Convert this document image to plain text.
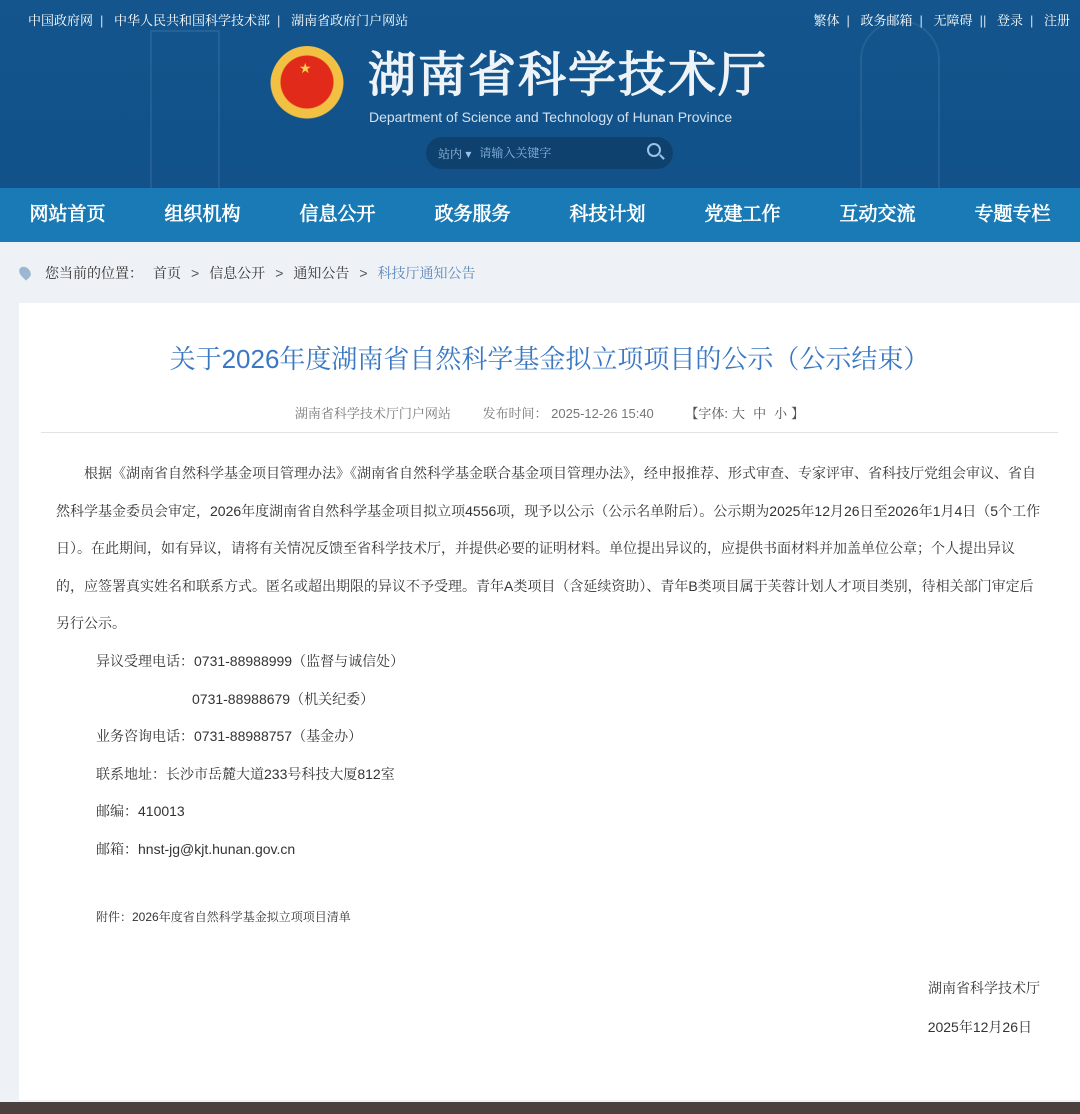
中国政府网 | 中华人民共和国科学技术部 | 湖南省政府门户网站	繁体 | 政务邮箱 | 无障碍 || 登录 | 注册
★ 湖南省科学技术厅
Department of Science and Technology of Hunan Province
站内 ▾
请输入关键字
网站首页	组织机构	信息公开	政务服务	科技计划	党建工作	互动交流	专题专栏
您当前的位置： 首页 > 信息公开 > 通知公告 > 科技厅通知公告
关于2026年度湖南省自然科学基金拟立项项目的公示（公示结束）
湖南省科学技术厅门户网站 发布时间： 2025-12-26 15:40 【字体: 大 中 小 】
根据《湖南省自然科学基金项目管理办法》《湖南省自然科学基金联合基金项目管理办法》，经申报推荐、形式审查、专家评审、省科技厅党组会审议、省自然科学基金委员会审定，2026年度湖南省自然科学基金项目拟立项4556项，现予以公示（公示名单附后）。公示期为2025年12月26日至2026年1月4日（5个工作日）。在此期间，如有异议，请将有关情况反馈至省科学技术厅，并提供必要的证明材料。单位提出异议的，应提供书面材料并加盖单位公章；个人提出异议的，应签署真实姓名和联系方式。匿名或超出期限的异议不予受理。青年A类项目（含延续资助）、青年B类项目属于芙蓉计划人才项目类别，待相关部门审定后另行公示。
异议受理电话：0731-88988999（监督与诚信处）
0731-88988679（机关纪委）
业务咨询电话：0731-88988757（基金办）
联系地址：长沙市岳麓大道233号科技大厦812室
邮编：410013
邮箱：hnst-jg@kjt.hunan.gov.cn
附件：2026年度省自然科学基金拟立项项目清单
湖南省科学技术厅
2025年12月26日
